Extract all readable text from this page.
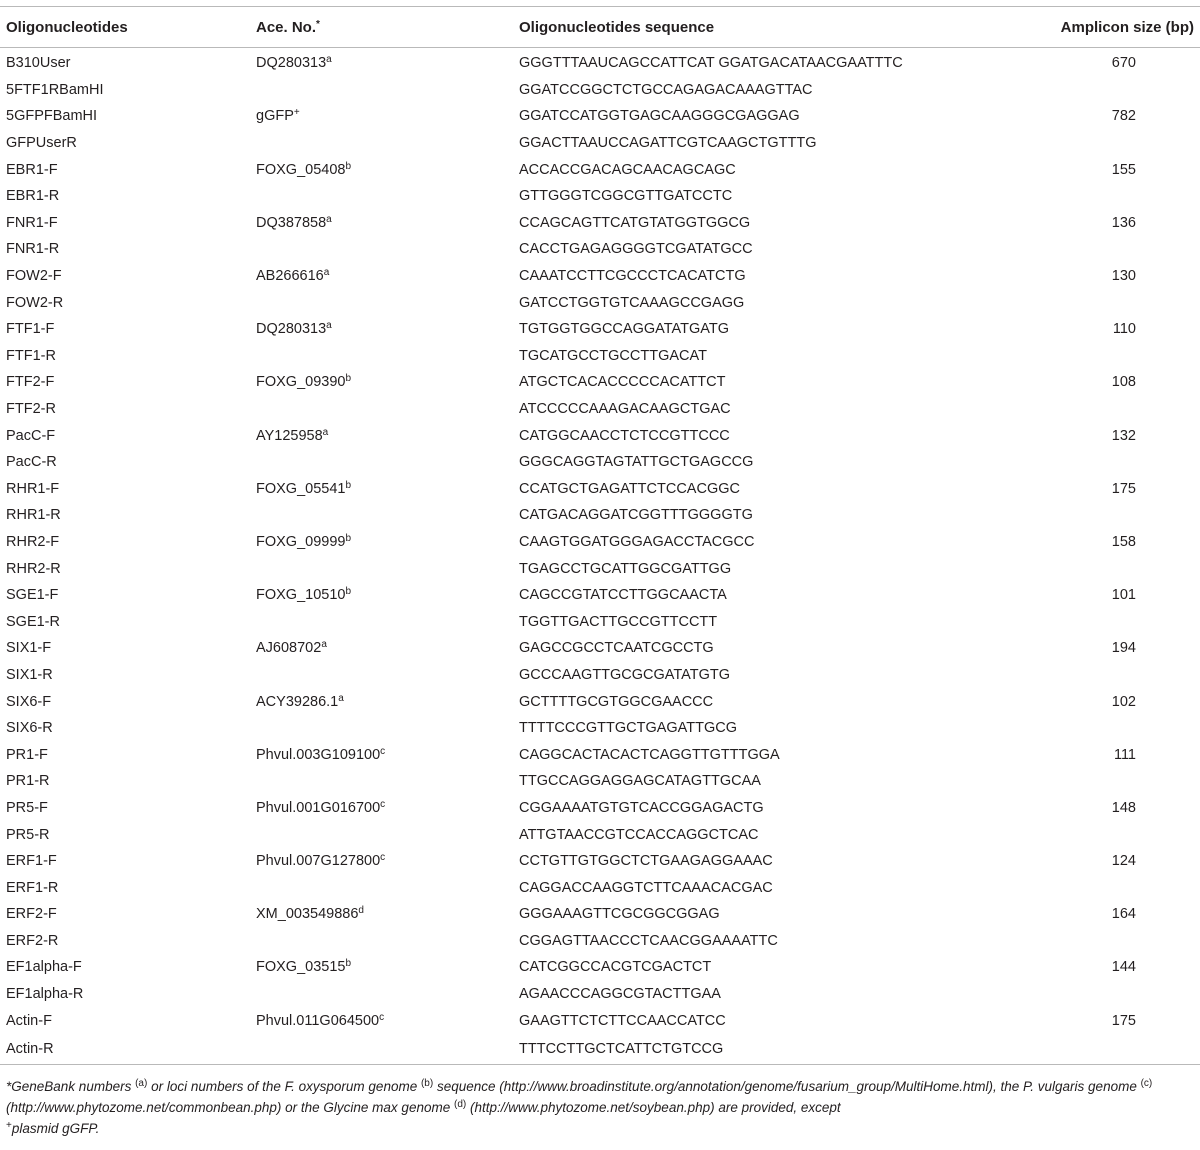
Oligonucleotides	Ace. No.*	Oligonucleotides sequence	Amplicon size (bp)
B310User	DQ280313$^a$	GGGTTTAAUCAGCCATTCAT GGATGACATAACGAATTTC	670
5FTF1RBamHI		GGATCCGGCTCTGCCAGAGACAAAGTTAC	
5GFPFBamHI	gGFP+	GGATCCATGGTGAGCAAGGGCGAGGAG	782
GFPUserR		GGACTTAAUCCAGATTCGTCAAGCTGTTTG	
EBR1-F	FOXG_05408$^b$	ACCACCGACAGCAACAGCAGC	155
EBR1-R		GTTGGGTCGGCGTTGATCCTC	
FNR1-F	DQ387858$^a$	CCAGCAGTTCATGTATGGTGGCG	136
FNR1-R		CACCTGAGAGGGGTCGATATGCC	
FOW2-F	AB266616$^a$	CAAATCCTTCGCCCTCACATCTG	130
FOW2-R		GATCCTGGTGTCAAAGCCGAGG	
FTF1-F	DQ280313$^a$	TGTGGTGGCCAGGATATGATG	110
FTF1-R		TGCATGCCTGCCTTGACAT	
FTF2-F	FOXG_09390$^b$	ATGCTCACACCCCCACATTCT	108
FTF2-R		ATCCCCCAAAGACAAGCTGAC	
PacC-F	AY125958$^a$	CATGGCAACCTCTCCGTTCCC	132
PacC-R		GGGCAGGTAGTATTGCTGAGCCG	
RHR1-F	FOXG_05541$^b$	CCATGCTGAGATTCTCCACGGC	175
RHR1-R		CATGACAGGATCGGTTTGGGGTG	
RHR2-F	FOXG_09999$^b$	CAAGTGGATGGGAGACCTACGCC	158
RHR2-R		TGAGCCTGCATTGGCGATTGG	
SGE1-F	FOXG_10510$^b$	CAGCCGTATCCTTGGCAACTA	101
SGE1-R		TGGTTGACTTGCCGTTCCTT	
SIX1-F	AJ608702$^a$	GAGCCGCCTCAATCGCCTG	194
SIX1-R		GCCCAAGTTGCGCGATATGTG	
SIX6-F	ACY39286.1$^a$	GCTTTTGCGTGGCGAACCC	102
SIX6-R		TTTTCCCGTTGCTGAGATTGCG	
PR1-F	Phvul.003G109100$^c$	CAGGCACTACACTCAGGTTGTTTGGA	111
PR1-R		TTGCCAGGAGGAGCATAGTTGCAA	
PR5-F	Phvul.001G016700$^c$	CGGAAAATGTGTCACCGGAGACTG	148
PR5-R		ATTGTAACCGTCCACCAGGCTCAC	
ERF1-F	Phvul.007G127800$^c$	CCTGTTGTGGCTCTGAAGAGGAAAC	124
ERF1-R		CAGGACCAAGGTCTTCAAACACGAC	
ERF2-F	XM_003549886$^d$	GGGAAAGTTCGCGGCGGAG	164
ERF2-R		CGGAGTTAACCCTCAACGGAAAATTC	
EF1alpha-F	FOXG_03515$^b$	CATCGGCCACGTCGACTCT	144
EF1alpha-R		AGAACCCAGGCGTACTTGAA	
Actin-F	Phvul.011G064500$^c$	GAAGTTCTCTTCCAACCATCC	175
Actin-R		TTTCCTTGCTCATTCTGTCCG	
*GeneBank numbers $^{(a)}$ or loci numbers of the F. oxysporum genome $^{(b)}$ sequence (http://www.broadinstitute.org/annotation/genome/fusarium_group/MultiHome.html), the P. vulgaris genome $^{(c)}$ (http://www.phytozome.net/commonbean.php) or the Glycine max genome $^{(d)}$ (http://www.phytozome.net/soybean.php) are provided, except
+plasmid gGFP.
